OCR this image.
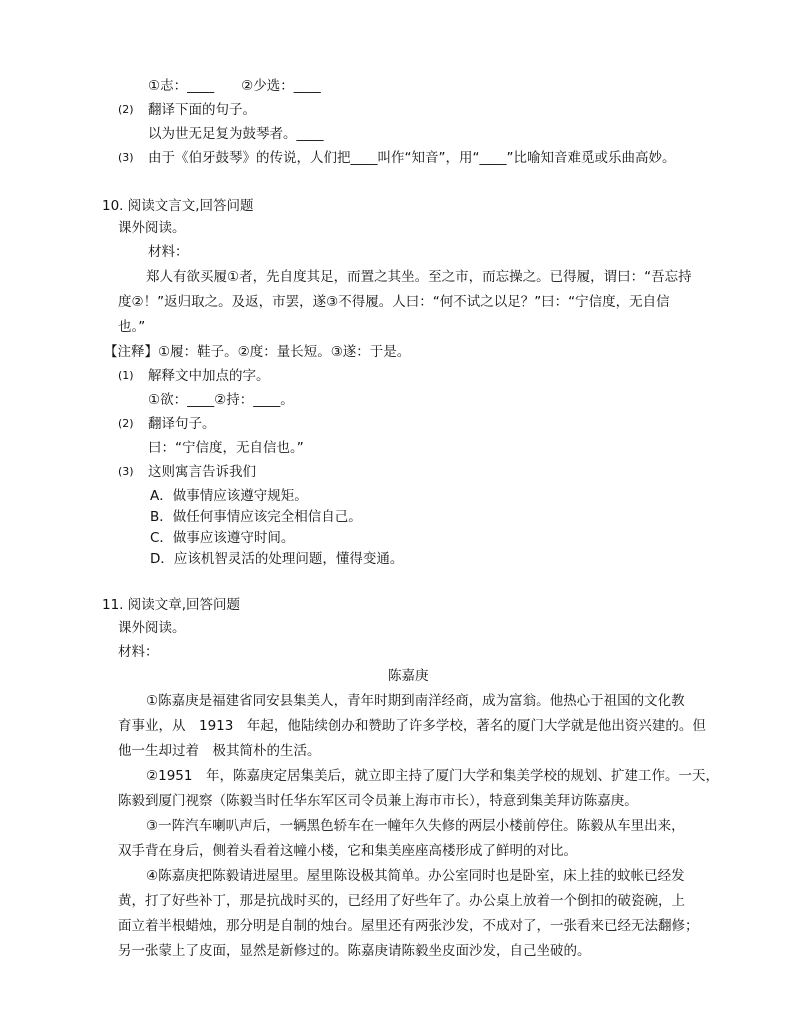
①志：____　　②少选：____
(2) 翻译下面的句子。
以为世无足复为鼓琴者。____
(3) 由于《伯牙鼓琴》的传说，人们把____叫作“知音”，用“____”比喻知音难觅或乐曲高妙。
10. 阅读文言文,回答问题
课外阅读。
材料：
郑人有欲买履①者，先自度其足，而置之其坐。至之市，而忘操之。已得履，谓曰：“吾忘持
度②！”返归取之。及返，市罢，遂③不得履。人曰：“何不试之以足？”曰：“宁信度，无自信
也。”
【注释】①履：鞋子。②度：量长短。③遂：于是。
(1) 解释文中加点的字。
①欲：____②持：____。
(2) 翻译句子。
曰：“宁信度，无自信也。”
(3) 这则寓言告诉我们
A．做事情应该遵守规矩。
B．做任何事情应该完全相信自己。
C．做事应该遵守时间。
D．应该机智灵活的处理问题，懂得变通。
11. 阅读文章,回答问题
课外阅读。
材料：
陈嘉庚
①陈嘉庚是福建省同安县集美人，青年时期到南洋经商，成为富翁。他热心于祖国的文化教
育事业，从　1913　年起，他陆续创办和赞助了许多学校，著名的厦门大学就是他出资兴建的。但
他一生却过着　极其简朴的生活。
②1951　年，陈嘉庚定居集美后，就立即主持了厦门大学和集美学校的规划、扩建工作。一天，
陈毅到厦门视察（陈毅当时任华东军区司令员兼上海市市长），特意到集美拜访陈嘉庚。
③一阵汽车喇叭声后，一辆黑色轿车在一幢年久失修的两层小楼前停住。陈毅从车里出来，
双手背在身后，侧着头看着这幢小楼，它和集美座座高楼形成了鲜明的对比。
④陈嘉庚把陈毅请进屋里。屋里陈设极其简单。办公室同时也是卧室，床上挂的蚊帐已经发
黄，打了好些补丁，那是抗战时买的，已经用了好些年了。办公桌上放着一个倒扣的破瓷碗，上
面立着半根蜡烛，那分明是自制的烛台。屋里还有两张沙发，不成对了，一张看来已经无法翻修；
另一张蒙上了皮面，显然是新修过的。陈嘉庚请陈毅坐皮面沙发，自己坐破的。
